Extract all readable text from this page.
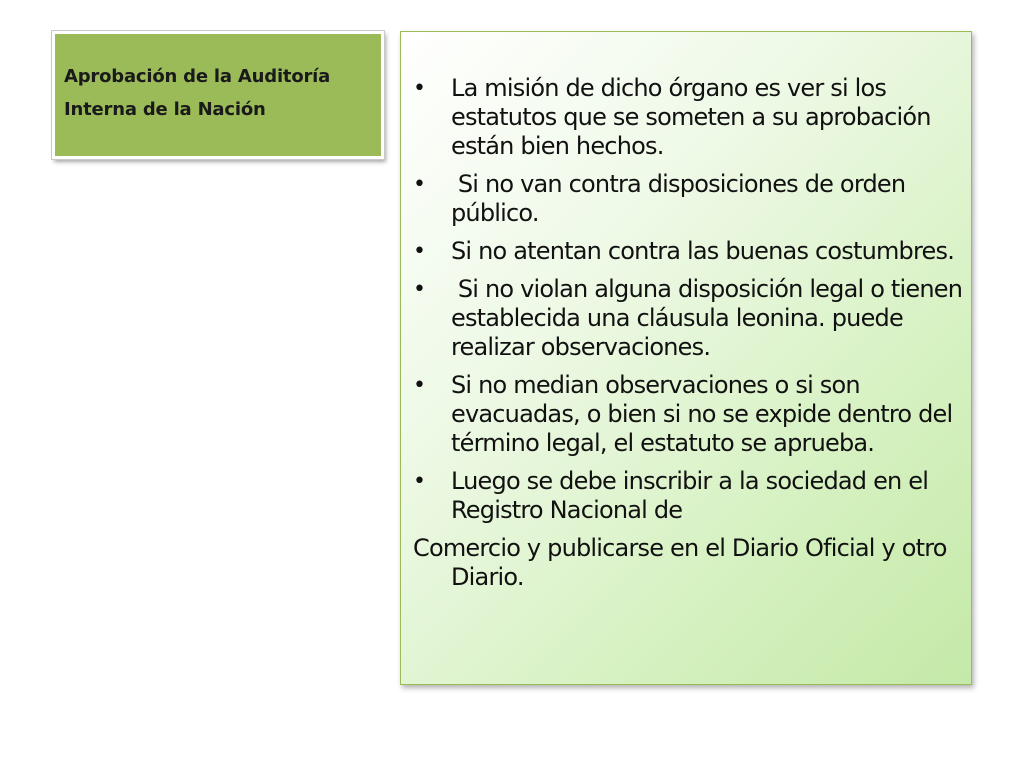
Aprobación de la Auditoría Interna de la Nación

•	La misión de dicho órgano es ver si los estatutos que se someten a su aprobación están bien hechos.
•	Si no van contra disposiciones de orden público.
•	Si no atentan contra las buenas costumbres.
•	Si no violan alguna disposición legal o tienen establecida una cláusula leonina. puede realizar observaciones.
•	Si no median observaciones o si son evacuadas, o bien si no se expide dentro del término legal, el estatuto se aprueba.
•	Luego se debe inscribir a la sociedad en el Registro Nacional de

Comercio y publicarse en el Diario Oficial y otro Diario.
